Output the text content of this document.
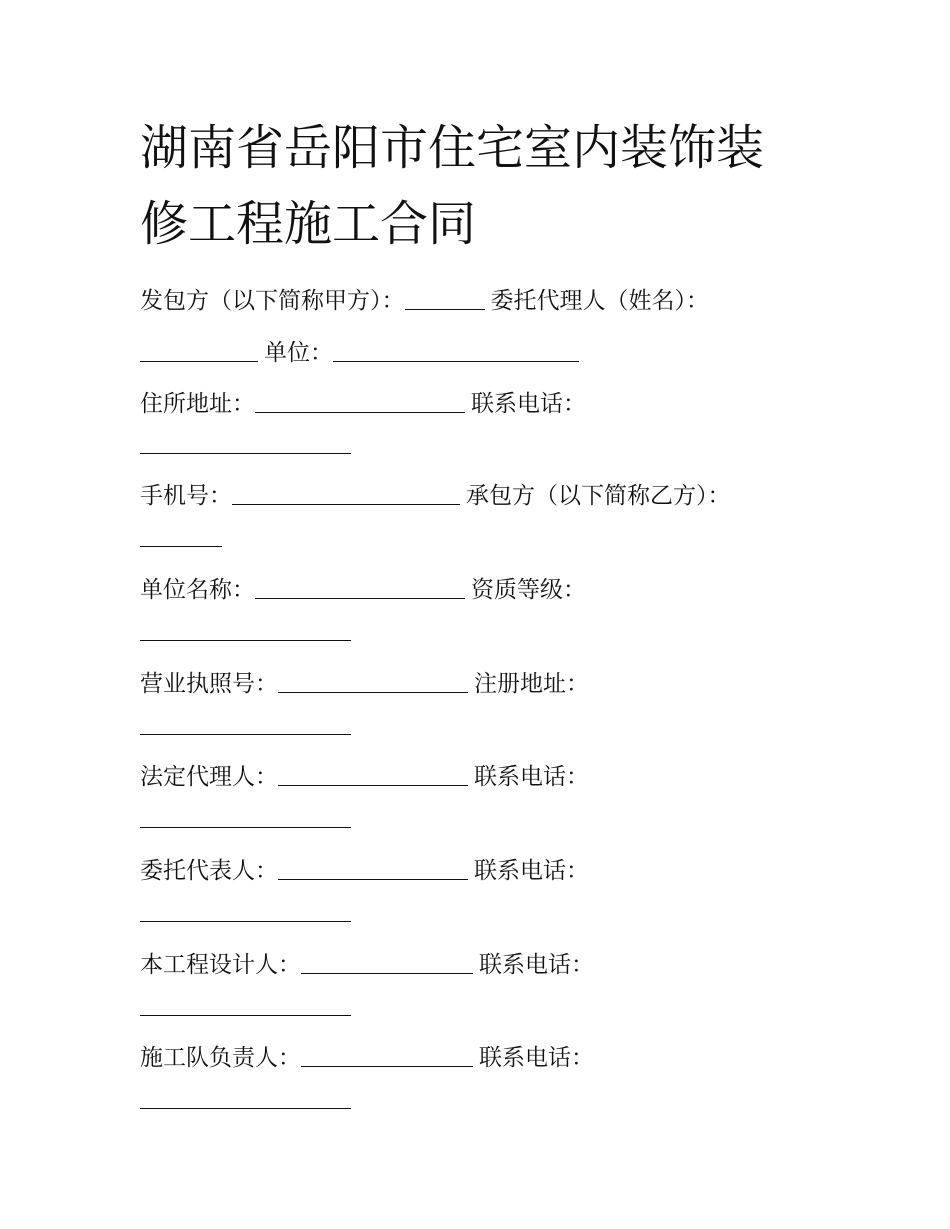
湖南省岳阳市住宅室内装饰装

修工程施工合同

发包方（以下简称甲方）：	委托代理人（姓名）：
单位：
住所地址：	联系电话：
手机号：	承包方（以下简称乙方）：
单位名称：	资质等级：
营业执照号：	注册地址：
法定代理人：	联系电话：
委托代表人：	联系电话：
本工程设计人：	联系电话：
施工队负责人：	联系电话：
